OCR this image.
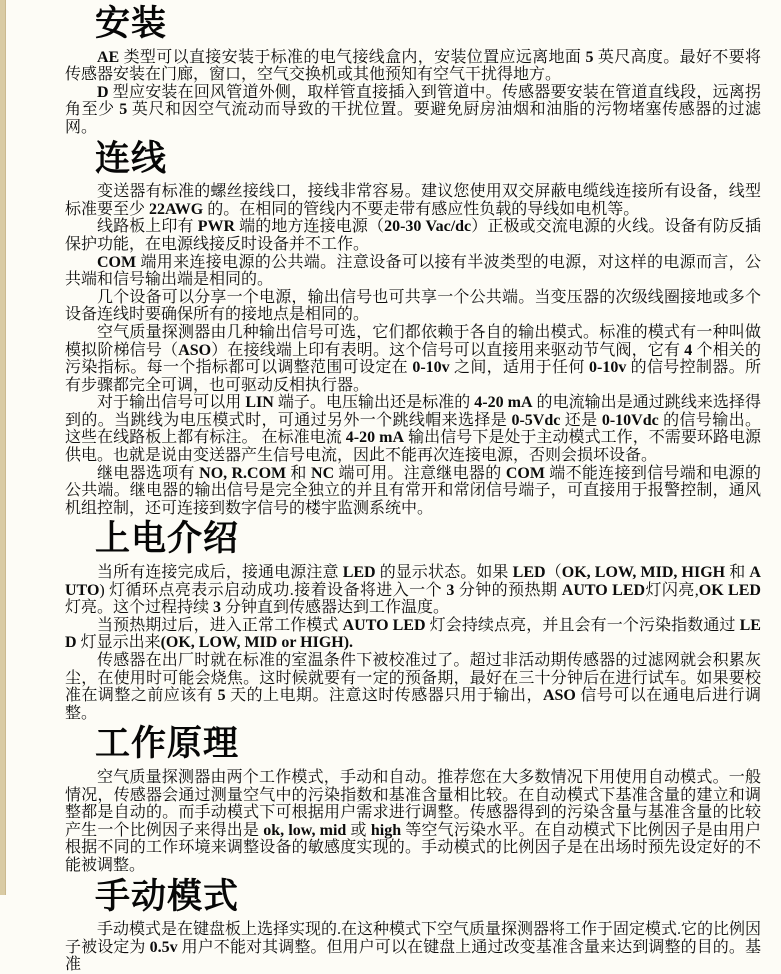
安装

AE 类型可以直接安装于标准的电气接线盒内，安装位置应远离地面 5 英尺高度。最好不要将传感器安装在门廊，窗口，空气交换机或其他预知有空气干扰得地方。

D 型应安装在回风管道外侧，取样管直接插入到管道中。传感器要安装在管道直线段，远离拐角至少 5 英尺和因空气流动而导致的干扰位置。要避免厨房油烟和油脂的污物堵塞传感器的过滤网。

连线

变送器有标准的螺丝接线口，接线非常容易。建议您使用双交屏蔽电缆线连接所有设备，线型标准要至少 22AWG 的。在相同的管线内不要走带有感应性负载的导线如电机等。

线路板上印有 PWR 端的地方连接电源（20-30 Vac/dc）正极或交流电源的火线。设备有防反插保护功能，在电源线接反时设备并不工作。

COM 端用来连接电源的公共端。注意设备可以接有半波类型的电源，对这样的电源而言，公共端和信号输出端是相同的。

几个设备可以分享一个电源，输出信号也可共享一个公共端。当变压器的次级线圈接地或多个设备连线时要确保所有的接地点是相同的。

空气质量探测器由几种输出信号可选，它们都依赖于各自的输出模式。标准的模式有一种叫做模拟阶梯信号（ASO）在接线端上印有表明。这个信号可以直接用来驱动节气阀，它有 4 个相关的污染指标。每一个指标都可以调整范围可设定在 0-10v 之间，适用于任何 0-10v 的信号控制器。所有步骤都完全可调，也可驱动反相执行器。

对于输出信号可以用 LIN 端子。电压输出还是标准的 4-20 mA 的电流输出是通过跳线来选择得到的。当跳线为电压模式时，可通过另外一个跳线帽来选择是 0-5Vdc 还是 0-10Vdc 的信号输出。这些在线路板上都有标注。 在标准电流 4-20 mA 输出信号下是处于主动模式工作，不需要环路电源供电。也就是说由变送器产生信号电流，因此不能再次连接电源，否则会损坏设备。

继电器选项有 NO, R.COM 和 NC 端可用。注意继电器的 COM 端不能连接到信号端和电源的公共端。继电器的输出信号是完全独立的并且有常开和常闭信号端子，可直接用于报警控制，通风机组控制，还可连接到数字信号的楼宇监测系统中。

上电介绍

当所有连接完成后，接通电源注意 LED 的显示状态。如果 LED（OK, LOW, MID, HIGH 和 AUTO) 灯循环点亮表示启动成功.接着设备将进入一个 3 分钟的预热期 AUTO LED灯闪亮,OK LED 灯亮。这个过程持续 3 分钟直到传感器达到工作温度。

当预热期过后，进入正常工作模式 AUTO LED 灯会持续点亮，并且会有一个污染指数通过 LED 灯显示出来(OK, LOW, MID or HIGH).

传感器在出厂时就在标准的室温条件下被校准过了。超过非活动期传感器的过滤网就会积累灰尘，在使用时可能会烧焦。这时候就要有一定的预备期，最好在三十分钟后在进行试车。如果要校准在调整之前应该有 5 天的上电期。注意这时传感器只用于输出，ASO 信号可以在通电后进行调整。

工作原理

空气质量探测器由两个工作模式，手动和自动。推荐您在大多数情况下用使用自动模式。一般情况，传感器会通过测量空气中的污染指数和基准含量相比较。在自动模式下基准含量的建立和调整都是自动的。而手动模式下可根据用户需求进行调整。传感器得到的污染含量与基准含量的比较产生一个比例因子来得出是 ok, low, mid 或 high 等空气污染水平。在自动模式下比例因子是由用户根据不同的工作环境来调整设备的敏感度实现的。手动模式的比例因子是在出场时预先设定好的不能被调整。

手动模式

手动模式是在键盘板上选择实现的.在这种模式下空气质量探测器将工作于固定模式.它的比例因子被设定为 0.5v 用户不能对其调整。但用户可以在键盘上通过改变基准含量来达到调整的目的。基准
